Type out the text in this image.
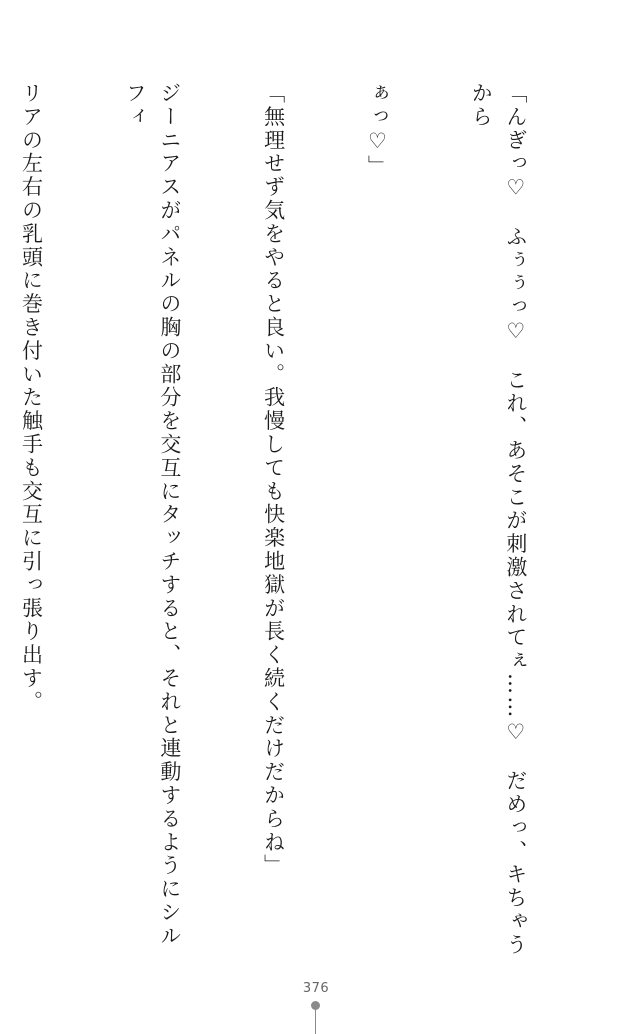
「んぎっ♡　ふぅぅっ♡　これ、あそこが刺激されてぇ……♡　だめっ、キちゃうから

ぁっ♡」

「無理せず気をやると良い。我慢しても快楽地獄が長く続くだけだからね」

ジーニアスがパネルの胸の部分を交互にタッチすると、それと連動するようにシルフィ

リアの左右の乳頭に巻き付いた触手も交互に引っ張り出す。

376
